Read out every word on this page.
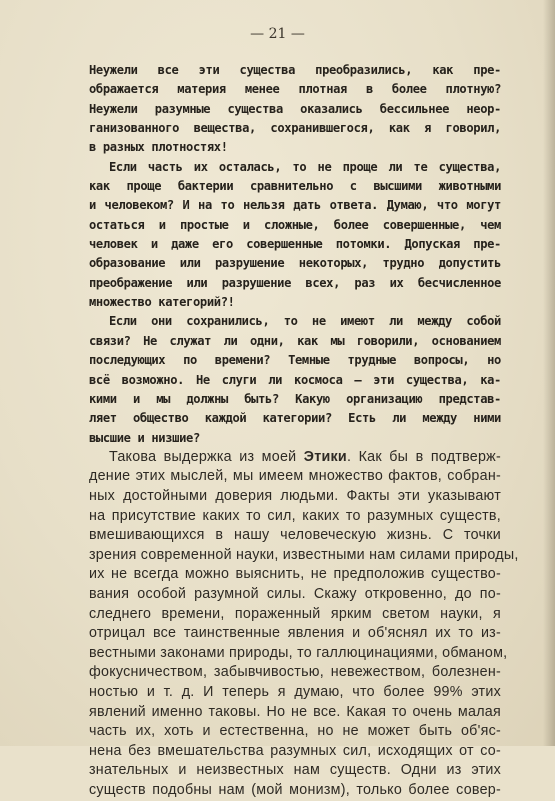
— 21 —
Неужели все эти существа преобразились, как пре-
ображается материя менее плотная в более плотную?
Неужели разумные существа оказались бессильнее неор-
ганизованного вещества, сохранившегося, как я говорил,
в разных плотностях!
Если часть их осталась, то не проще ли те существа,
как проще бактерии сравнительно с высшими животными
и человеком? И на то нельзя дать ответа. Думаю, что могут
остаться и простые и сложные, более совершенные, чем
человек и даже его совершенные потомки. Допуская пре-
образование или разрушение некоторых, трудно допустить
преображение или разрушение всех, раз их бесчисленное
множество категорий?!
Если они сохранились, то не имеют ли между собой
связи? Не служат ли одни, как мы говорили, основанием
последующих по времени? Темные трудные вопросы, но
всё возможно. Не слуги ли космоса — эти существа, ка-
кими и мы должны быть? Какую организацию представ-
ляет общество каждой категории? Есть ли между ними
высшие и низшие?
Такова выдержка из моей Этики. Как бы в подтверж-
дение этих мыслей, мы имеем множество фактов, собран-
ных достойными доверия людьми. Факты эти указывают
на присутствие каких то сил, каких то разумных существ,
вмешивающихся в нашу человеческую жизнь. С точки
зрения современной науки, известными нам силами природы,
их не всегда можно выяснить, не предположив существо-
вания особой разумной силы. Скажу откровенно, до по-
следнего времени, пораженный ярким светом науки, я
отрицал все таинственные явления и об'яснял их то из-
вестными законами природы, то галлюцинациями, обманом,
фокусничеством, забывчивостью, невежеством, болезнен-
ностью и т. д. И теперь я думаю, что более 99% этих
явлений именно таковы. Но не все. Какая то очень малая
часть их, хоть и естественна, но не может быть об'яс-
нена без вмешательства разумных сил, исходящих от со-
знательных и неизвестных нам существ. Одни из этих
существ подобны нам (мой монизм), только более совер-
